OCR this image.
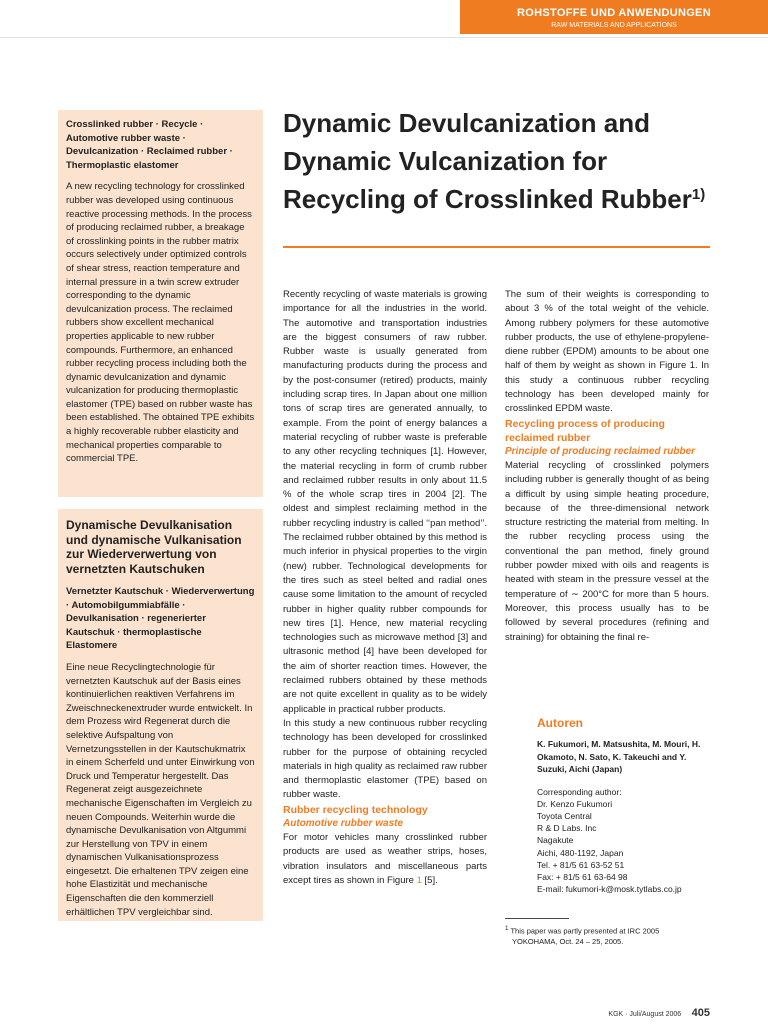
ROHSTOFFE UND ANWENDUNGEN
RAW MATERIALS AND APPLICATIONS

Crosslinked rubber · Recycle · Automotive rubber waste · Devulcanization · Reclaimed rubber · Thermoplastic elastomer

A new recycling technology for crosslinked rubber was developed using continuous reactive processing methods. In the process of producing reclaimed rubber, a breakage of crosslinking points in the rubber matrix occurs selectively under optimized controls of shear stress, reaction temperature and internal pressure in a twin screw extruder corresponding to the dynamic devulcanization process. The reclaimed rubbers show excellent mechanical properties applicable to new rubber compounds. Furthermore, an enhanced rubber recycling process including both the dynamic devulcanization and dynamic vulcanization for producing thermoplastic elastomer (TPE) based on rubber waste has been established. The obtained TPE exhibits a highly recoverable rubber elasticity and mechanical properties comparable to commercial TPE.

Dynamische Devulkanisation und dynamische Vulkanisation zur Wiederverwertung von vernetzten Kautschuken

Vernetzter Kautschuk · Wiederverwertung · Automobilgummiabfälle · Devulkanisation · regenerierter Kautschuk · thermoplastische Elastomere

Eine neue Recyclingtechnologie für vernetzten Kautschuk auf der Basis eines kontinuierlichen reaktiven Verfahrens im Zweischneckenextruder wurde entwickelt. In dem Prozess wird Regenerat durch die selektive Aufspaltung von Vernetzungsstellen in der Kautschukmatrix in einem Scherfeld und unter Einwirkung von Druck und Temperatur hergestellt. Das Regenerat zeigt ausgezeichnete mechanische Eigenschaften im Vergleich zu neuen Compounds. Weiterhin wurde die dynamische Devulkanisation von Altgummi zur Herstellung von TPV in einem dynamischen Vulkanisationsprozess eingesetzt. Die erhaltenen TPV zeigen eine hohe Elastizität und mechanische Eigenschaften die den kommerziell erhältlichen TPV vergleichbar sind.

Dynamic Devulcanization and Dynamic Vulcanization for Recycling of Crosslinked Rubber$^{1)}$

Recently recycling of waste materials is growing importance for all the industries in the world. The automotive and transportation industries are the biggest consumers of raw rubber. Rubber waste is usually generated from manufacturing products during the process and by the post-consumer (retired) products, mainly including scrap tires. In Japan about one million tons of scrap tires are generated annually, to example. From the point of energy balances a material recycling of rubber waste is preferable to any other recycling techniques [1]. However, the material recycling in form of crumb rubber and reclaimed rubber results in only about 11.5 % of the whole scrap tires in 2004 [2]. The oldest and simplest reclaiming method in the rubber recycling industry is called ‘‘pan method’’. The reclaimed rubber obtained by this method is much inferior in physical properties to the virgin (new) rubber. Technological developments for the tires such as steel belted and radial ones cause some limitation to the amount of recycled rubber in higher quality rubber compounds for new tires [1]. Hence, new material recycling technologies such as microwave method [3] and ultrasonic method [4] have been developed for the aim of shorter reaction times. However, the reclaimed rubbers obtained by these methods are not quite excellent in quality as to be widely applicable in practical rubber products.

In this study a new continuous rubber recycling technology has been developed for crosslinked rubber for the purpose of obtaining recycled materials in high quality as reclaimed raw rubber and thermoplastic elastomer (TPE) based on rubber waste.

Rubber recycling technology

Automotive rubber waste

For motor vehicles many crosslinked rubber products are used as weather strips, hoses, vibration insulators and miscellaneous parts except tires as shown in Figure 1 [5].

The sum of their weights is corresponding to about 3 % of the total weight of the vehicle. Among rubbery polymers for these automotive rubber products, the use of ethylene-propylene-diene rubber (EPDM) amounts to be about one half of them by weight as shown in Figure 1. In this study a continuous rubber recycling technology has been developed mainly for crosslinked EPDM waste.

Recycling process of producing reclaimed rubber

Principle of producing reclaimed rubber

Material recycling of crosslinked polymers including rubber is generally thought of as being a difficult by using simple heating procedure, because of the three-dimensional network structure restricting the material from melting. In the rubber recycling process using the conventional the pan method, finely ground rubber powder mixed with oils and reagents is heated with steam in the pressure vessel at the temperature of ∼ 200°C for more than 5 hours. Moreover, this process usually has to be followed by several procedures (refining and straining) for obtaining the final re-

Autoren

K. Fukumori, M. Matsushita, M. Mouri, H. Okamoto, N. Sato, K. Takeuchi and Y. Suzuki, Aichi (Japan)

Corresponding author:

Dr. Kenzo Fukumori

Toyota Central

R & D Labs. Inc

Nagakute

Aichi, 480-1192, Japan

Tel. + 81/5 61 63-52 51

Fax: + 81/5 61 63-64 98

E-mail: fukumori-k@mosk.tytlabs.co.jp

$^1$ This paper was partly presented at IRC 2005
YOKOHAMA, Oct. 24 – 25, 2005.
KGK · Juli/August 2006 405
